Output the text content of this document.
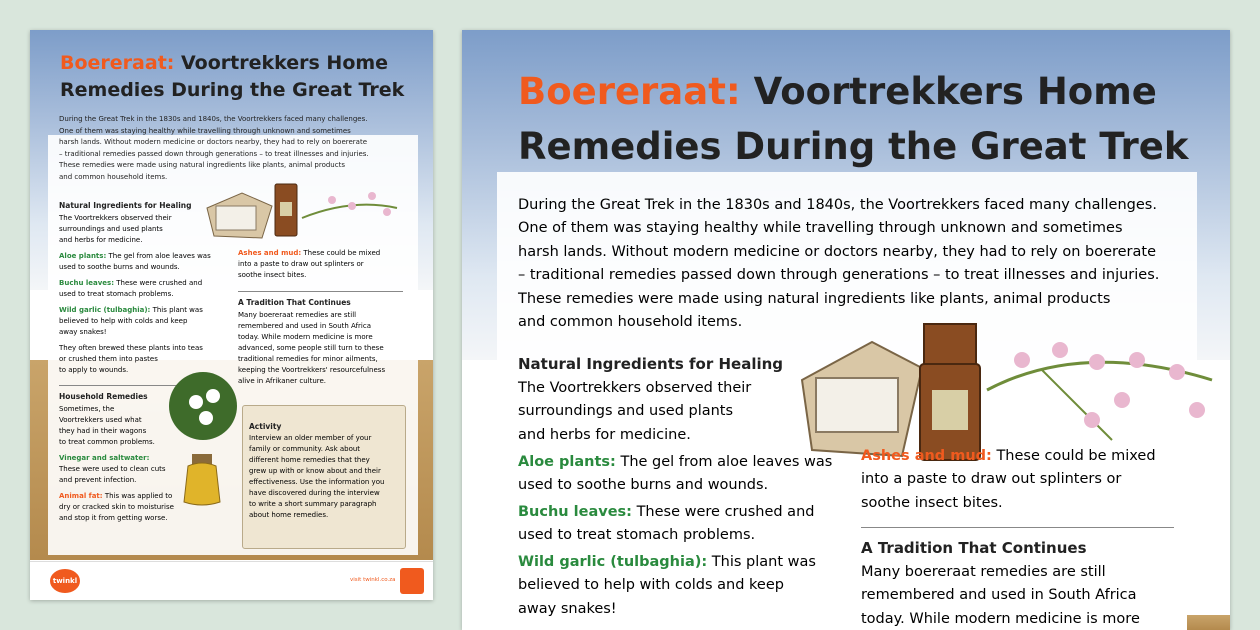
Boereraat: Voortrekkers Home
Remedies During the Great Trek
During the Great Trek in the 1830s and 1840s, the Voortrekkers faced many challenges.
One of them was staying healthy while travelling through unknown and sometimes
harsh lands. Without modern medicine or doctors nearby, they had to rely on boererate
– traditional remedies passed down through generations – to treat illnesses and injuries.
These remedies were made using natural ingredients like plants, animal products
and common household items.
Natural Ingredients for Healing
The Voortrekkers observed their
surroundings and used plants
and herbs for medicine.
Aloe plants: The gel from aloe leaves was
used to soothe burns and wounds.
Buchu leaves: These were crushed and
used to treat stomach problems.
Wild garlic (tulbaghia): This plant was
believed to help with colds and keep
away snakes!
They often brewed these plants into teas
or crushed them into pastes
to apply to wounds.
Household Remedies
Sometimes, the
Voortrekkers used what
they had in their wagons
to treat common problems.
Vinegar and saltwater:
These were used to clean cuts
and prevent infection.
Animal fat: This was applied to
dry or cracked skin to moisturise
and stop it from getting worse.
Ashes and mud: These could be mixed
into a paste to draw out splinters or
soothe insect bites.
A Tradition That Continues
Many boereraat remedies are still
remembered and used in South Africa
today. While modern medicine is more
advanced, some people still turn to these
traditional remedies for minor ailments,
keeping the Voortrekkers' resourcefulness
alive in Afrikaner culture.
Activity
Interview an older member of your
family or community. Ask about
different home remedies that they
grew up with or know about and their
effectiveness. Use the information you
have discovered during the interview
to write a short summary paragraph
about home remedies.
twinkl	visit twinkl.co.za
Boereraat: Voortrekkers Home
Remedies During the Great Trek
During the Great Trek in the 1830s and 1840s, the Voortrekkers faced many challenges.
One of them was staying healthy while travelling through unknown and sometimes
harsh lands. Without modern medicine or doctors nearby, they had to rely on boererate
– traditional remedies passed down through generations – to treat illnesses and injuries.
These remedies were made using natural ingredients like plants, animal products
and common household items.
Natural Ingredients for Healing
The Voortrekkers observed their
surroundings and used plants
and herbs for medicine.
Aloe plants: The gel from aloe leaves was
used to soothe burns and wounds.
Buchu leaves: These were crushed and
used to treat stomach problems.
Wild garlic (tulbaghia): This plant was
believed to help with colds and keep
away snakes!
Ashes and mud: These could be mixed
into a paste to draw out splinters or
soothe insect bites.
A Tradition That Continues
Many boereraat remedies are still
remembered and used in South Africa
today. While modern medicine is more
